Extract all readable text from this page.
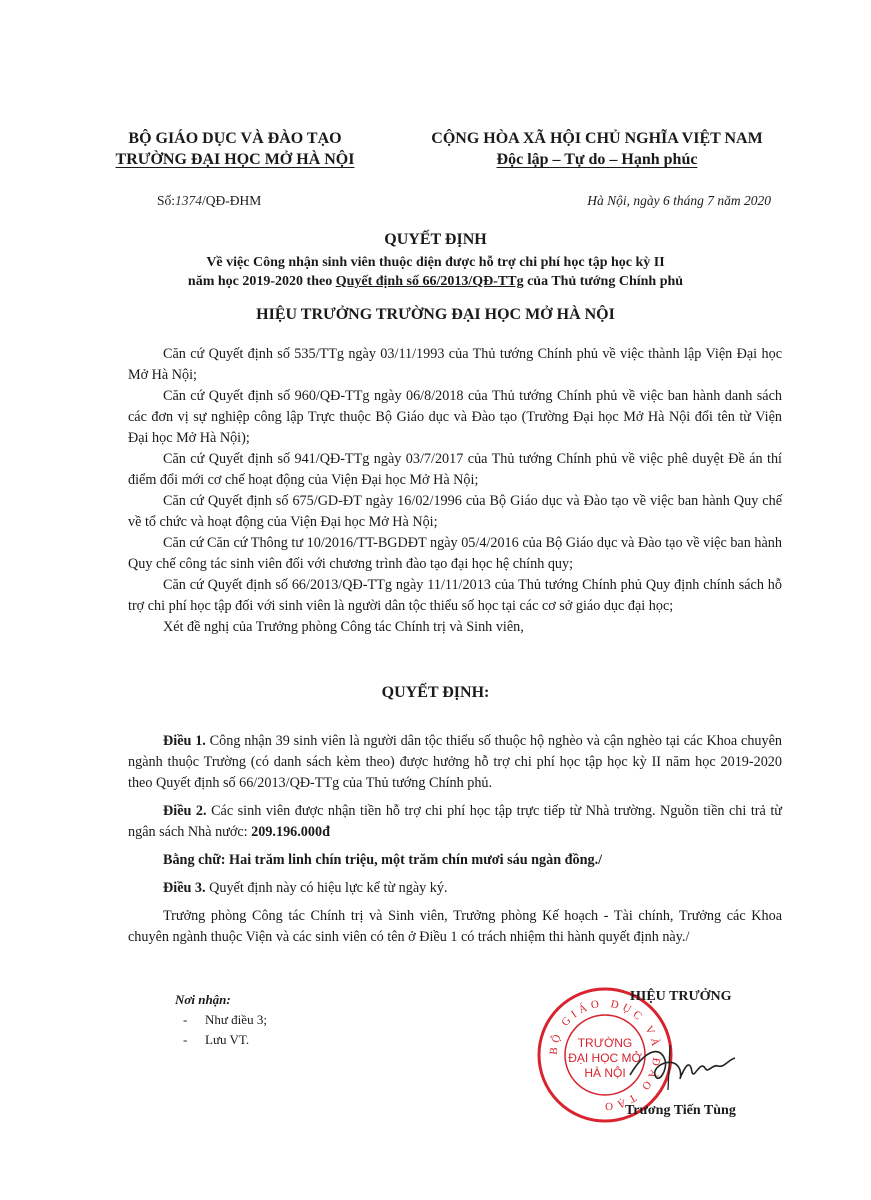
BỘ GIÁO DỤC VÀ ĐÀO TẠO
TRƯỜNG ĐẠI HỌC MỞ HÀ NỘI
CỘNG HÒA XÃ HỘI CHỦ NGHĨA VIỆT NAM
Độc lập – Tự do – Hạnh phúc
Số:1374/QĐ-ĐHM	Hà Nội, ngày 6 tháng 7 năm 2020
QUYẾT ĐỊNH
Về việc Công nhận sinh viên thuộc diện được hỗ trợ chi phí học tập học kỳ II
năm học 2019-2020 theo Quyết định số 66/2013/QĐ-TTg của Thủ tướng Chính phủ
HIỆU TRƯỞNG TRƯỜNG ĐẠI HỌC MỞ HÀ NỘI

Căn cứ Quyết định số 535/TTg ngày 03/11/1993 của Thủ tướng Chính phủ về việc thành lập Viện Đại học Mở Hà Nội;

Căn cứ Quyết định số 960/QĐ-TTg ngày 06/8/2018 của Thủ tướng Chính phủ về việc ban hành danh sách các đơn vị sự nghiệp công lập Trực thuộc Bộ Giáo dục và Đào tạo (Trường Đại học Mở Hà Nội đổi tên từ Viện Đại học Mở Hà Nội);

Căn cứ Quyết định số 941/QĐ-TTg ngày 03/7/2017 của Thủ tướng Chính phủ về việc phê duyệt Đề án thí điểm đổi mới cơ chế hoạt động của Viện Đại học Mở Hà Nội;

Căn cứ Quyết định số 675/GD-ĐT ngày 16/02/1996 của Bộ Giáo dục và Đào tạo về việc ban hành Quy chế về tổ chức và hoạt động của Viện Đại học Mở Hà Nội;

Căn cứ Căn cứ Thông tư 10/2016/TT-BGDĐT ngày 05/4/2016 của Bộ Giáo dục và Đào tạo về việc ban hành Quy chế công tác sinh viên đối với chương trình đào tạo đại học hệ chính quy;

Căn cứ Quyết định số 66/2013/QĐ-TTg ngày 11/11/2013 của Thủ tướng Chính phủ Quy định chính sách hỗ trợ chi phí học tập đối với sinh viên là người dân tộc thiểu số học tại các cơ sở giáo dục đại học;

Xét đề nghị của Trưởng phòng Công tác Chính trị và Sinh viên,

QUYẾT ĐỊNH:

Điều 1. Công nhận 39 sinh viên là người dân tộc thiểu số thuộc hộ nghèo và cận nghèo tại các Khoa chuyên ngành thuộc Trường (có danh sách kèm theo) được hưởng hỗ trợ chi phí học tập học kỳ II năm học 2019-2020 theo Quyết định số 66/2013/QĐ-TTg của Thủ tướng Chính phủ.

Điều 2. Các sinh viên được nhận tiền hỗ trợ chi phí học tập trực tiếp từ Nhà trường. Nguồn tiền chi trả từ ngân sách Nhà nước: 209.196.000đ

Bằng chữ: Hai trăm linh chín triệu, một trăm chín mươi sáu ngàn đồng./

Điều 3. Quyết định này có hiệu lực kể từ ngày ký.

Trưởng phòng Công tác Chính trị và Sinh viên, Trưởng phòng Kế hoạch - Tài chính, Trưởng các Khoa chuyên ngành thuộc Viện và các sinh viên có tên ở Điều 1 có trách nhiệm thi hành quyết định này./

Nơi nhận:
- Như điều 3;
- Lưu VT.
BỘ GIÁO DỤC VÀ ĐÀO TẠO
TRƯỜNG
ĐẠI HỌC MỞ
HÀ NỘI
HIỆU TRƯỞNG
Trương Tiến Tùng
